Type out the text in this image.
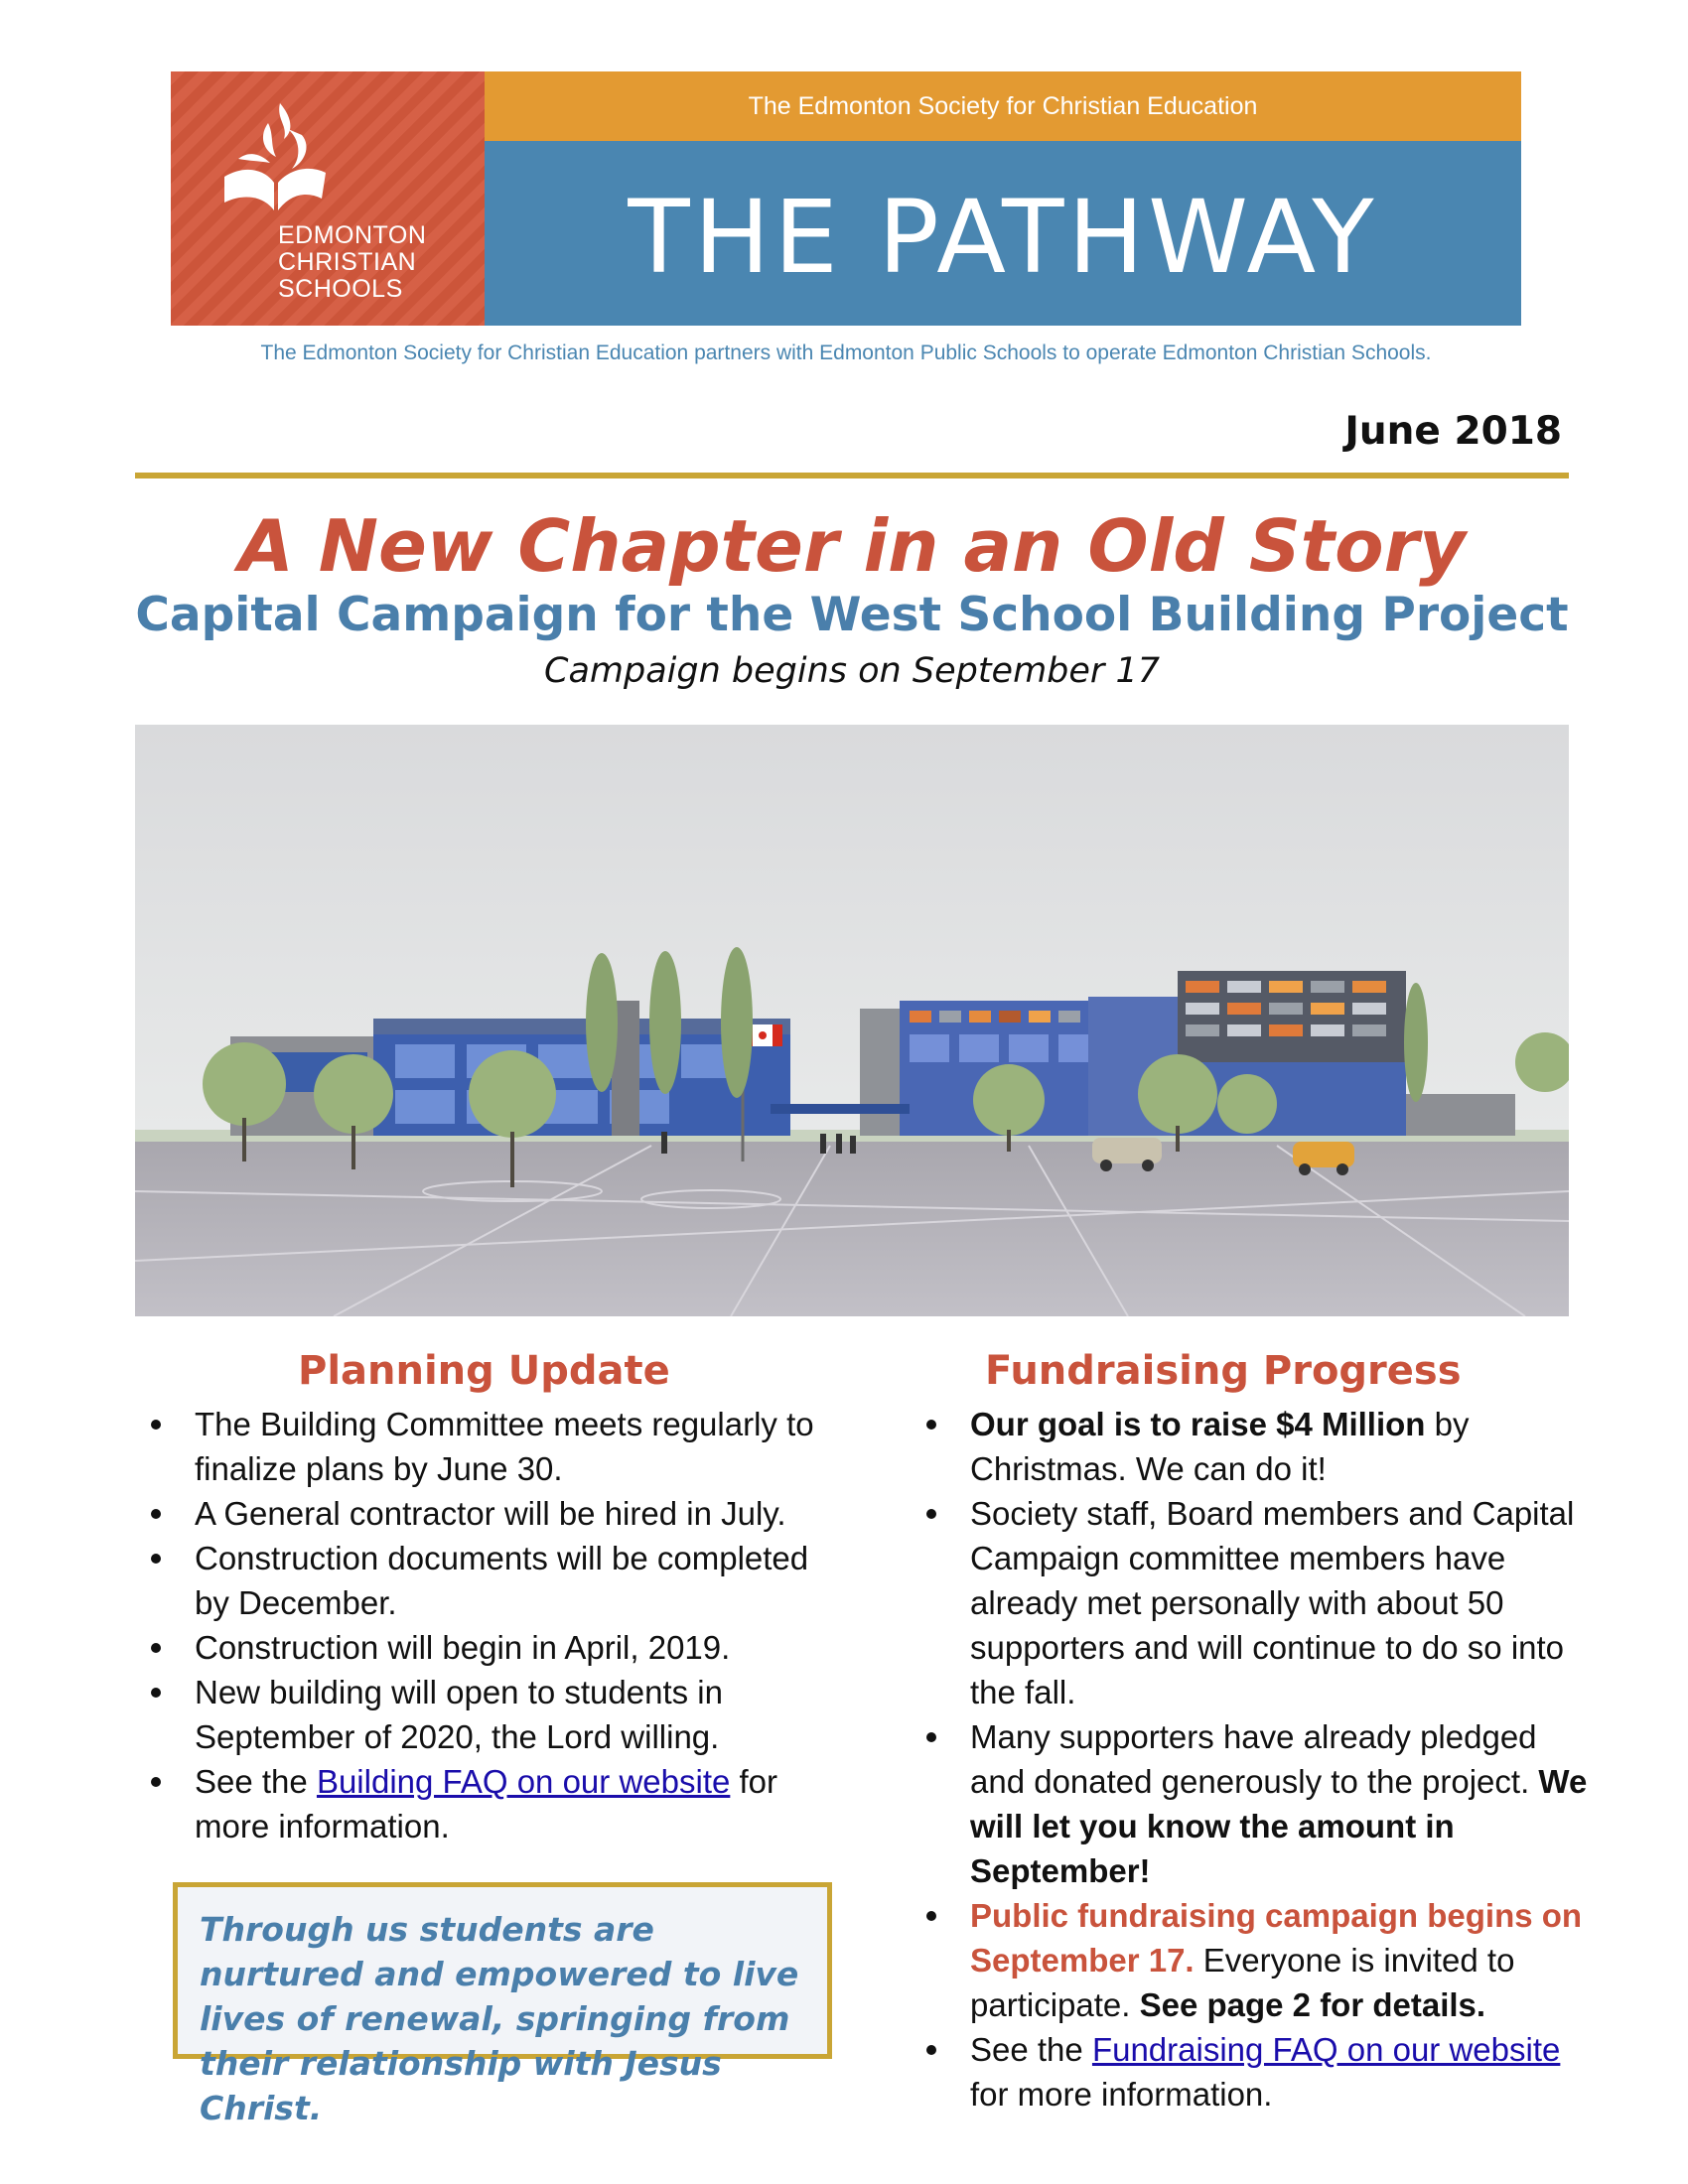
EDMONTON
CHRISTIAN
SCHOOLS
The Edmonton Society for Christian Education
THE PATHWAY
The Edmonton Society for Christian Education partners with Edmonton Public Schools to operate Edmonton Christian Schools.
June 2018
A New Chapter in an Old Story
Capital Campaign for the West School Building Project
Campaign begins on September 17
Planning Update
The Building Committee meets regularly to finalize plans by June 30.
A General contractor will be hired in July.
Construction documents will be completed by December.
Construction will begin in April, 2019.
New building will open to students in September of 2020, the Lord willing.
See the Building FAQ on our website for more information.
Through us students are nurtured and empowered to live lives of renewal, springing from their relationship with Jesus Christ.
Fundraising Progress
Our goal is to raise $4 Million by Christmas. We can do it!
Society staff, Board members and Capital Campaign committee members have already met personally with about 50 supporters and will continue to do so into the fall.
Many supporters have already pledged and donated generously to the project. We will let you know the amount in September!
Public fundraising campaign begins on September 17. Everyone is invited to participate. See page 2 for details.
See the Fundraising FAQ on our website for more information.
